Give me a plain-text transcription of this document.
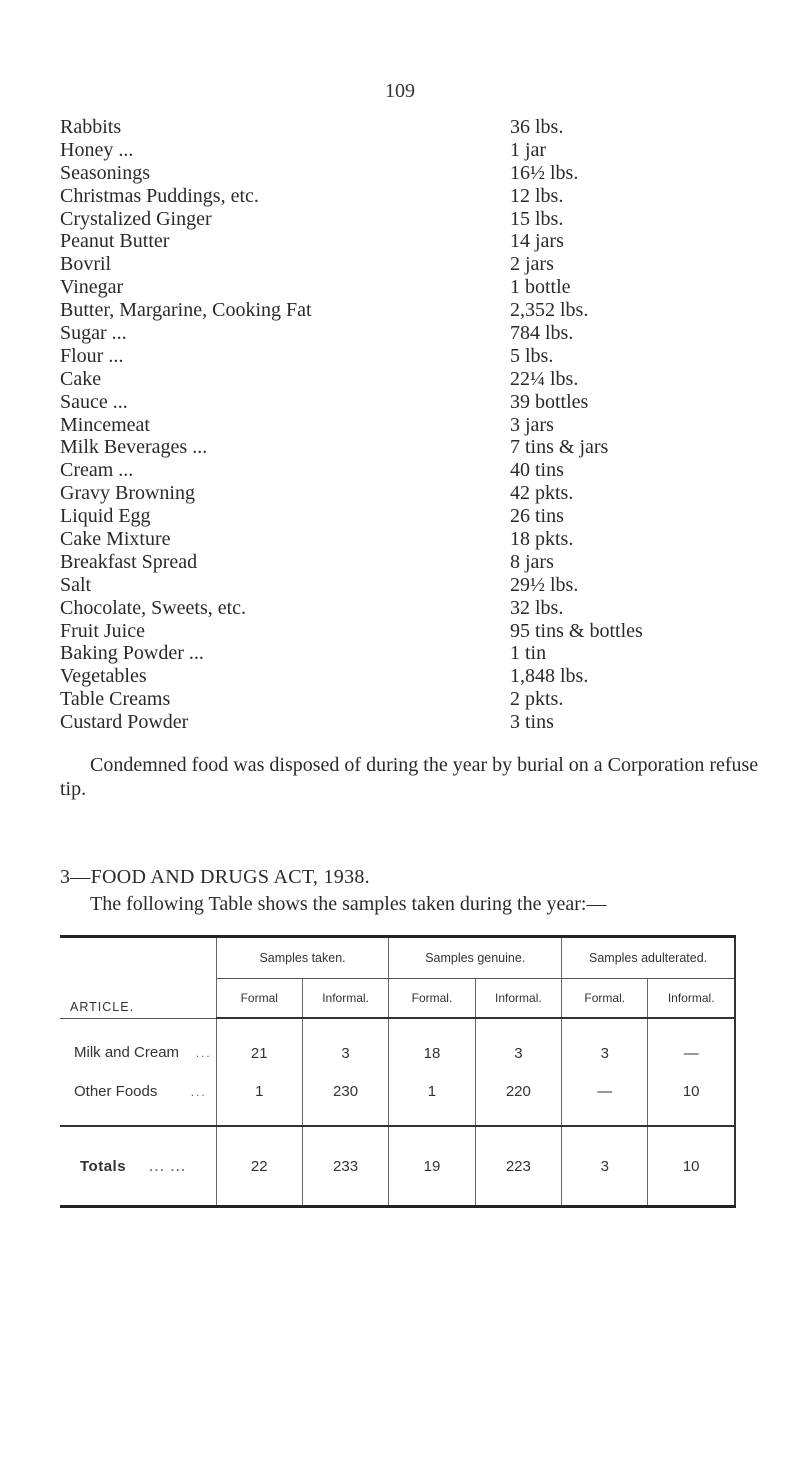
109
Rabbits	36 lbs.
Honey ...	1 jar
Seasonings	16½ lbs.
Christmas Puddings, etc.	12 lbs.
Crystalized Ginger	15 lbs.
Peanut Butter	14 jars
Bovril	2 jars
Vinegar	1 bottle
Butter, Margarine, Cooking Fat	2,352 lbs.
Sugar ...	784 lbs.
Flour ...	5 lbs.
Cake	22¼ lbs.
Sauce ...	39 bottles
Mincemeat	3 jars
Milk Beverages ...	7 tins & jars
Cream ...	40 tins
Gravy Browning	42 pkts.
Liquid Egg	26 tins
Cake Mixture	18 pkts.
Breakfast Spread	8 jars
Salt	29½ lbs.
Chocolate, Sweets, etc.	32 lbs.
Fruit Juice	95 tins & bottles
Baking Powder ...	1 tin
Vegetables	1,848 lbs.
Table Creams	2 pkts.
Custard Powder	3 tins
Condemned food was disposed of during the year by burial on a Corporation refuse tip.
3—FOOD AND DRUGS ACT, 1938.
The following Table shows the samples taken during the year:—
ARTICLE.	Samples taken.		Samples genuine.		Samples adulterated.	
	Formal	Informal.	Formal.	Informal.	Formal.	Informal.
Milk and Cream ...	21	3	18	3	3	—
Other Foods ...	1	230	1	220	—	10
Totals ... ...	22	233	19	223	3	10
